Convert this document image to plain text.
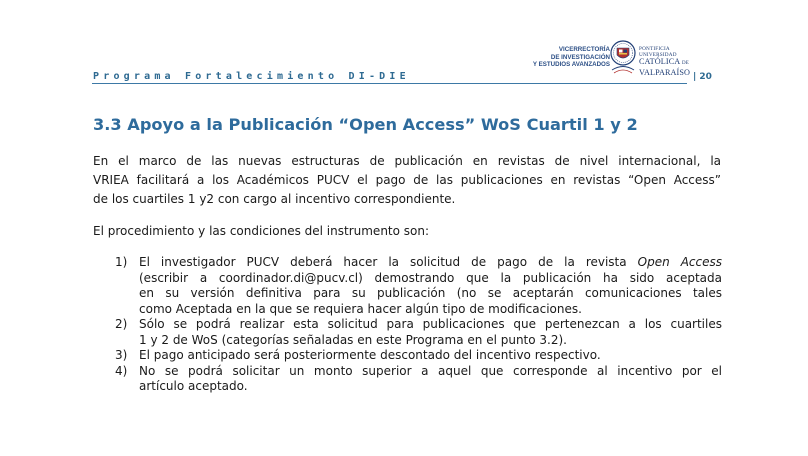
Programa Fortalecimiento DI-DIE
VICERRECTORÍA
DE INVESTIGACIÓN
Y ESTUDIOS AVANZADOS
PONTIFICIA
UNIVERSIDAD
CATÓLICA DE
VALPARAÍSO | 20
3.3 Apoyo a la Publicación “Open Access” WoS Cuartil 1 y 2
En el marco de las nuevas estructuras de publicación en revistas de nivel internacional, la
VRIEA facilitará a los Académicos PUCV el pago de las publicaciones en revistas “Open Access”
de los cuartiles 1 y2 con cargo al incentivo correspondiente.
El procedimiento y las condiciones del instrumento son:
1) El investigador PUCV deberá hacer la solicitud de pago de la revista Open Access
(escribir a coordinador.di@pucv.cl) demostrando que la publicación ha sido aceptada
en su versión definitiva para su publicación (no se aceptarán comunicaciones tales
como Aceptada en la que se requiera hacer algún tipo de modificaciones.
2) Sólo se podrá realizar esta solicitud para publicaciones que pertenezcan a los cuartiles
1 y 2 de WoS (categorías señaladas en este Programa en el punto 3.2).
3) El pago anticipado será posteriormente descontado del incentivo respectivo.
4) No se podrá solicitar un monto superior a aquel que corresponde al incentivo por el
artículo aceptado.
